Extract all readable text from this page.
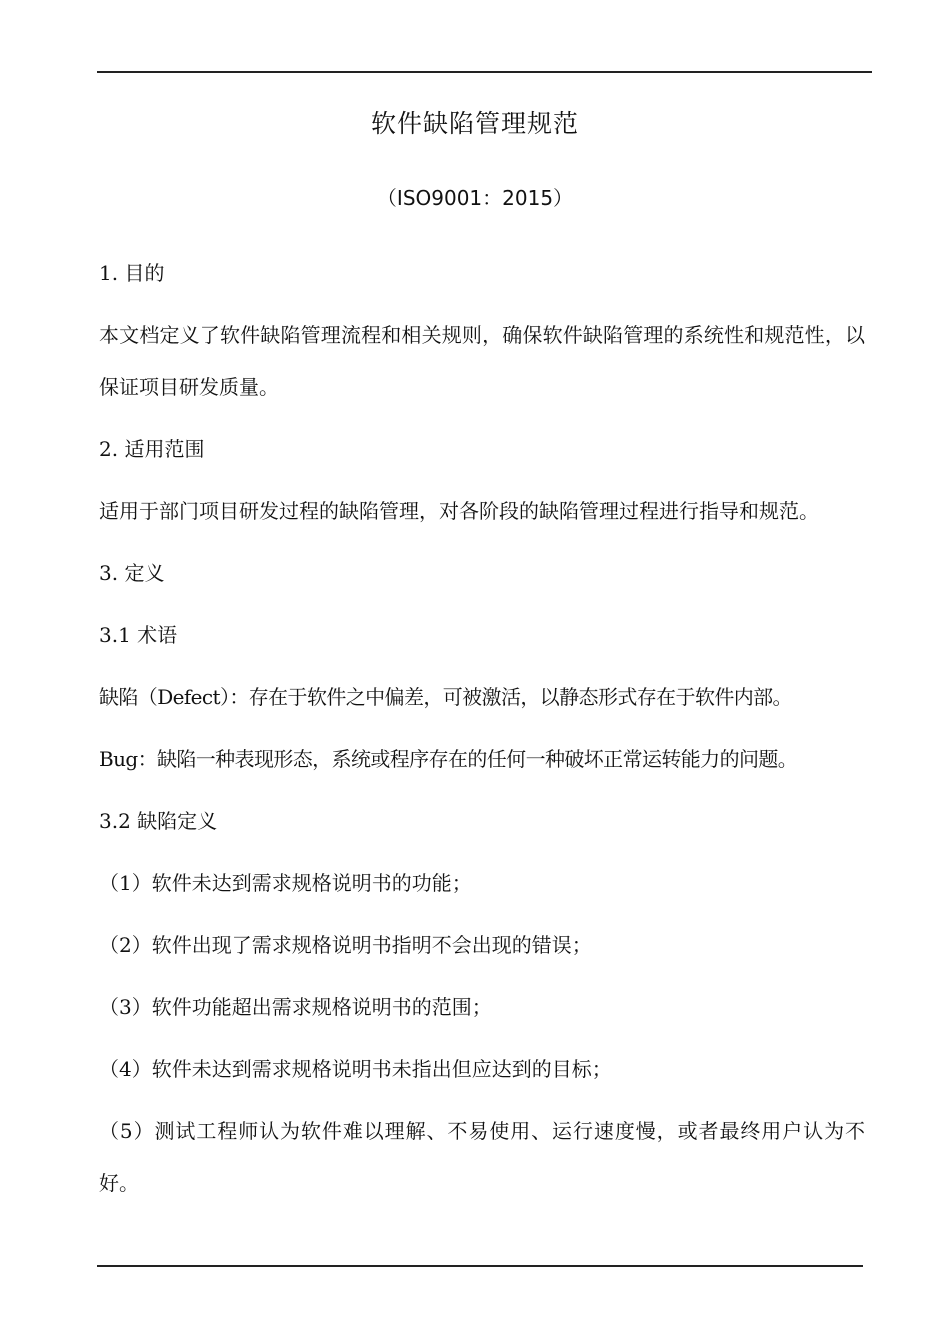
软件缺陷管理规范
（ISO9001：2015）
1. 目的
本文档定义了软件缺陷管理流程和相关规则，确保软件缺陷管理的系统性和规范性，以保证项目研发质量。
2. 适用范围
适用于部门项目研发过程的缺陷管理，对各阶段的缺陷管理过程进行指导和规范。
3. 定义
3.1 术语
缺陷（Defect）：存在于软件之中偏差，可被激活，以静态形式存在于软件内部。
Bug：缺陷一种表现形态，系统或程序存在的任何一种破坏正常运转能力的问题。
3.2 缺陷定义
（1）软件未达到需求规格说明书的功能；
（2）软件出现了需求规格说明书指明不会出现的错误；
（3）软件功能超出需求规格说明书的范围；
（4）软件未达到需求规格说明书未指出但应达到的目标；
（5）测试工程师认为软件难以理解、不易使用、运行速度慢，或者最终用户认为不好。
